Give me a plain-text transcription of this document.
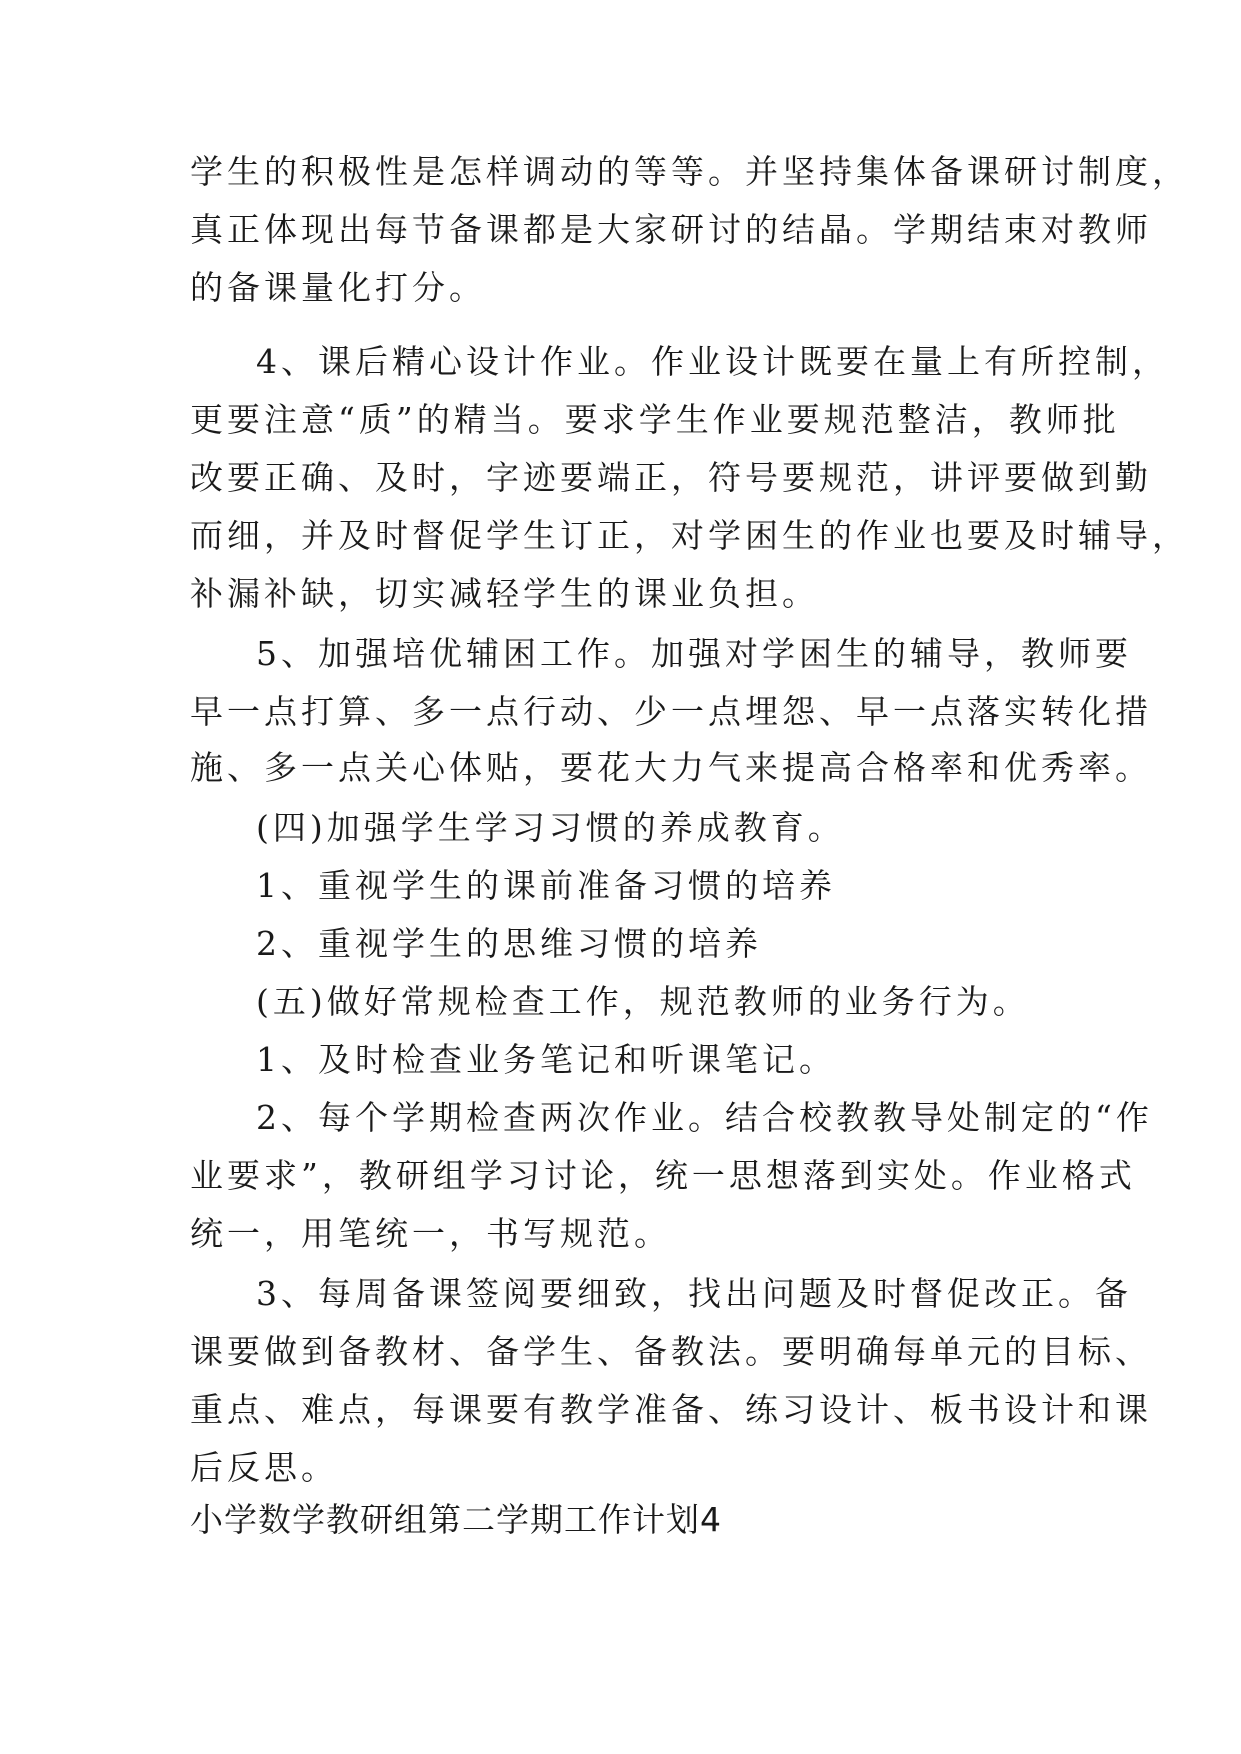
学生的积极性是怎样调动的等等。并坚持集体备课研讨制度，
真正体现出每节备课都是大家研讨的结晶。学期结束对教师
的备课量化打分。
4、课后精心设计作业。作业设计既要在量上有所控制，
更要注意“质”的精当。要求学生作业要规范整洁，教师批
改要正确、及时，字迹要端正，符号要规范，讲评要做到勤
而细，并及时督促学生订正，对学困生的作业也要及时辅导，
补漏补缺，切实减轻学生的课业负担。
5、加强培优辅困工作。加强对学困生的辅导，教师要
早一点打算、多一点行动、少一点埋怨、早一点落实转化措
施、多一点关心体贴，要花大力气来提高合格率和优秀率。
(四)加强学生学习习惯的养成教育。
1、重视学生的课前准备习惯的培养
2、重视学生的思维习惯的培养
(五)做好常规检查工作，规范教师的业务行为。
1、及时检查业务笔记和听课笔记。
2、每个学期检查两次作业。结合校教教导处制定的“作
业要求”，教研组学习讨论，统一思想落到实处。作业格式
统一，用笔统一，书写规范。
3、每周备课签阅要细致，找出问题及时督促改正。备
课要做到备教材、备学生、备教法。要明确每单元的目标、
重点、难点，每课要有教学准备、练习设计、板书设计和课
后反思。
小学数学教研组第二学期工作计划4
